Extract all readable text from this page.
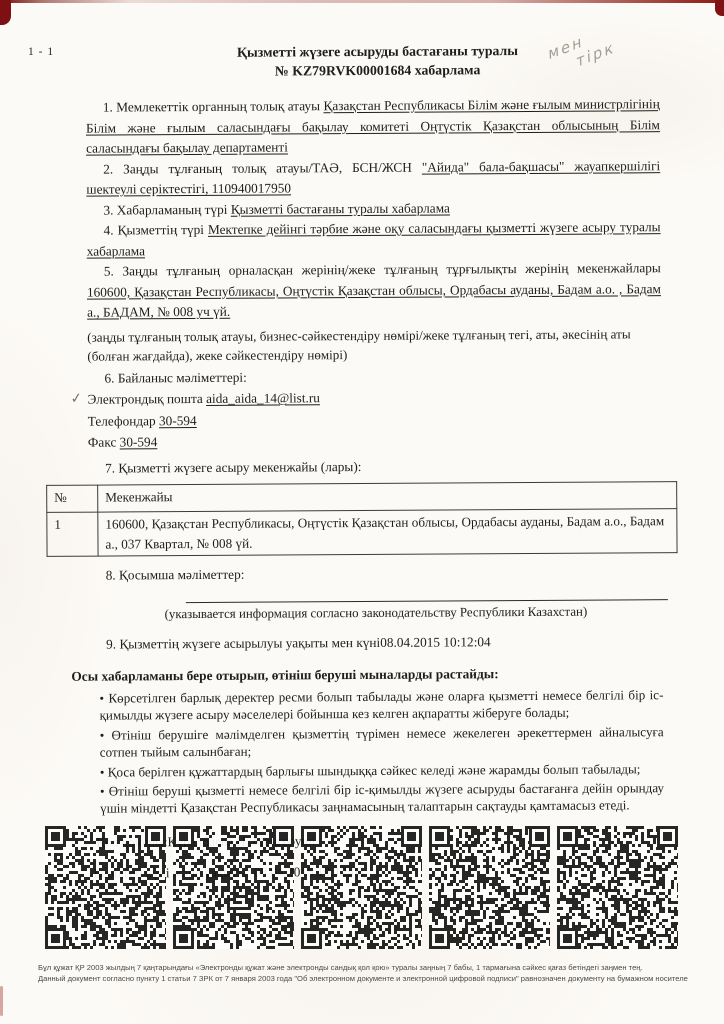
1 - 1	мен
тірк
Қызметті жүзеге асыруды бастағаны туралы
№ KZ79RVK00001684 хабарлама

1. Мемлекеттік органның толық атауы Қазақстан Республикасы Білім және ғылым министрлігінің Білім және ғылым саласындағы бақылау комитеті Оңтүстік Қазақстан облысының Білім саласындағы бақылау департаменті

2. Заңды тұлғаның толық атауы/ТАӘ, БСН/ЖСН "Айида" бала-бақшасы" жауапкершілігі шектеулі серіктестігі, 110940017950

3. Хабарламаның түрі Қызметті бастағаны туралы хабарлама

4. Қызметтің түрі Мектепке дейінгі тәрбие және оқу саласындағы қызметті жүзеге асыру туралы хабарлама

5. Заңды тұлғаның орналасқан жерінің/жеке тұлғаның тұрғылықты жерінің мекенжайлары 160600, Қазақстан Республикасы, Оңтүстік Қазақстан облысы, Ордабасы ауданы, Бадам а.о. , Бадам а., БАДАМ, № 008 уч үй.

(заңды тұлғаның толық атауы, бизнес-сәйкестендіру нөмірі/жеке тұлғаның тегі, аты, әкесінің аты (болған жағдайда), жеке сәйкестендіру нөмірі)

6. Байланыс мәліметтері:

✓ Электрондық пошта aida_aida_14@list.ru

Телефондар 30-594

Факс 30-594

7. Қызметті жүзеге асыру мекенжайы (лары):

№	Мекенжайы
1	160600, Қазақстан Республикасы, Оңтүстік Қазақстан облысы, Ордабасы ауданы, Бадам а.о., Бадам а., 037 Квартал, № 008 үй.

8. Қосымша мәліметтер:

(указывается информация согласно законодательству Республики Казахстан)

9. Қызметтің жүзеге асырылуы уақыты мен күні08.04.2015 10:12:04

Осы хабарламаны бере отырып, өтініш беруші мыналарды растайды:

• Көрсетілген барлық деректер ресми болып табылады және оларға қызметті немесе белгілі бір іс-қимылды жүзеге асыру мәселелері бойынша кез келген ақпаратты жіберуге болады;

• Өтініш берушіге мәлімделген қызметтің түрімен немесе жекелеген әрекеттермен айналысуға сотпен тыйым салынбаған;

• Қоса берілген құжаттардың барлығы шындыққа сәйкес келеді және жарамды болып табылады;

• Өтініш беруші қызметті немесе белгілі бір іс-қимылды жүзеге асыруды бастағанға дейін орындау үшін міндетті Қазақстан Республикасы заңнамасының талаптарын сақтауды қамтамасыз етеді.

Бұл құжат ҚР 2003 жылдың 7 қаңтарындағы «Электронды құжат және электронды сандық қол қою» туралы заңның 7 бабы, 1 тармағына сәйкес қағаз бетіндегі заңмен тең.
Данный документ согласно пункту 1 статьи 7 ЗРК от 7 января 2003 года "Об электронном документе и электронной цифровой подписи" равнозначен документу на бумажном носителе
